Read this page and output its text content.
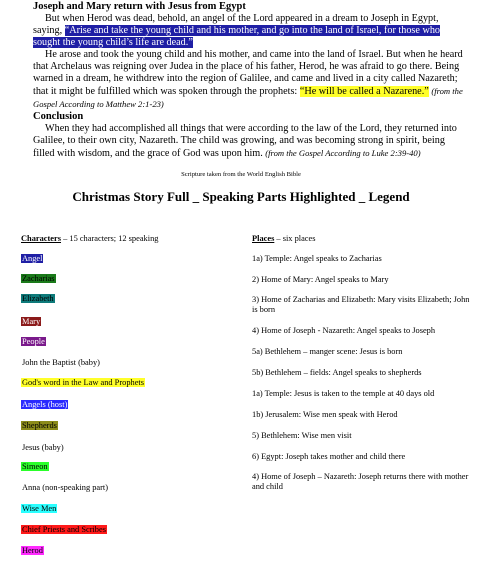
Joseph and Mary return with Jesus from Egypt

But when Herod was dead, behold, an angel of the Lord appeared in a dream to Joseph in Egypt, saying, “Arise and take the young child and his mother, and go into the land of Israel, for those who sought the young child’s life are dead.”

He arose and took the young child and his mother, and came into the land of Israel. But when he heard that Archelaus was reigning over Judea in the place of his father, Herod, he was afraid to go there. Being warned in a dream, he withdrew into the region of Galilee, and came and lived in a city called Nazareth; that it might be fulfilled which was spoken through the prophets: “He will be called a Nazarene.” (from the Gospel According to Matthew 2:1-23)

Conclusion

When they had accomplished all things that were according to the law of the Lord, they returned into Galilee, to their own city, Nazareth. The child was growing, and was becoming strong in spirit, being filled with wisdom, and the grace of God was upon him. (from the Gospel According to Luke 2:39-40)

Scripture taken from the World English Bible
Christmas Story Full _ Speaking Parts Highlighted _ Legend
Characters – 15 characters; 12 speaking	Places – six places
Angel
Zacharias
Elizabeth
Mary
People
John the Baptist (baby)
God's word in the Law and Prophets
Angels (host)
Shepherds
Jesus (baby)
Simeon
Anna (non-speaking part)
Wise Men
Chief Priests and Scribes
Herod
1a) Temple: Angel speaks to Zacharias
2) Home of Mary: Angel speaks to Mary
3) Home of Zacharias and Elizabeth: Mary visits Elizabeth; John is born
4) Home of Joseph - Nazareth: Angel speaks to Joseph
5a) Bethlehem – manger scene: Jesus is born
5b) Bethlehem – fields: Angel speaks to shepherds
1a) Temple: Jesus is taken to the temple at 40 days old
1b) Jerusalem: Wise men speak with Herod
5) Bethlehem: Wise men visit
6) Egypt: Joseph takes mother and child there
4) Home of Joseph – Nazareth: Joseph returns there with mother and child
